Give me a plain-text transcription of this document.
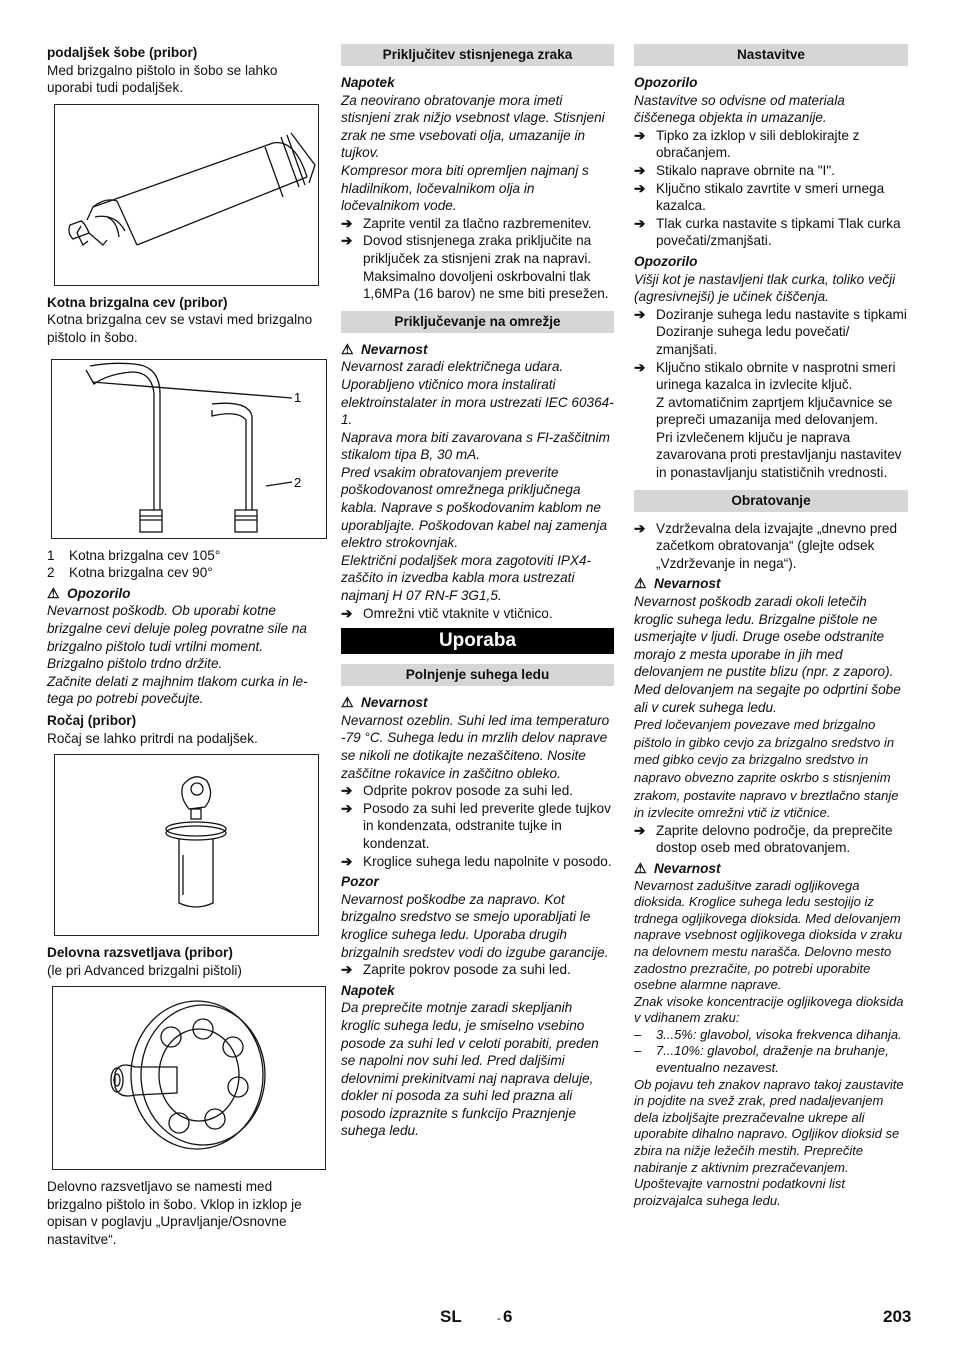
podaljšek šobe (pribor)

Med brizgalno pištolo in šobo se lahko uporabi tudi podaljšek.

Kotna brizgalna cev (pribor)

Kotna brizgalna cev se vstavi med brizgalno pištolo in šobo.

1
2
1 Kotna brizgalna cev 105°
2 Kotna brizgalna cev 90°
⚠ Opozorilo

Nevarnost poškodb. Ob uporabi kotne brizgalne cevi deluje poleg povratne sile na brizgalno pištolo tudi vrtilni moment. Brizgalno pištolo trdno držite.

Začnite delati z majhnim tlakom curka in le-tega po potrebi povečujte.

Ročaj (pribor)

Ročaj se lahko pritrdi na podaljšek.

Delovna razsvetljava (pribor)

(le pri Advanced brizgalni pištoli)

Delovno razsvetljavo se namesti med brizgalno pištolo in šobo. Vklop in izklop je opisan v poglavju „Upravljanje/Osnovne nastavitve“.

Priključitev stisnjenega zraka

Napotek

Za neovirano obratovanje mora imeti stisnjeni zrak nižjo vsebnost vlage. Stisnjeni zrak ne sme vsebovati olja, umazanije in tujkov.

Kompresor mora biti opremljen najmanj s hladilnikom, ločevalnikom olja in ločevalnikom vode.

➔ Zaprite ventil za tlačno razbremenitev.
➔ Dovod stisnjenega zraka priključite na priključek za stisnjeni zrak na napravi. Maksimalno dovoljeni oskrbovalni tlak 1,6MPa (16 barov) ne sme biti presežen.
Priključevanje na omrežje
⚠ Nevarnost

Nevarnost zaradi električnega udara. Uporabljeno vtičnico mora instalirati elektroinstalater in mora ustrezati IEC 60364-1.

Naprava mora biti zavarovana s FI-zaščitnim stikalom tipa B, 30 mA.

Pred vsakim obratovanjem preverite poškodovanost omrežnega priključnega kabla. Naprave s poškodovanim kablom ne uporabljajte. Poškodovan kabel naj zamenja elektro strokovnjak.

Električni podaljšek mora zagotoviti IPX4-zaščito in izvedba kabla mora ustrezati najmanj H 07 RN-F 3G1,5.

➔ Omrežni vtič vtaknite v vtičnico.
Uporaba
Polnjenje suhega ledu
⚠ Nevarnost

Nevarnost ozeblin. Suhi led ima temperaturo -79 °C. Suhega ledu in mrzlih delov naprave se nikoli ne dotikajte nezaščiteno. Nosite zaščitne rokavice in zaščitno obleko.

➔ Odprite pokrov posode za suhi led.
➔ Posodo za suhi led preverite glede tujkov in kondenzata, odstranite tujke in kondenzat.
➔ Kroglice suhega ledu napolnite v posodo.

Pozor

Nevarnost poškodbe za napravo. Kot brizgalno sredstvo se smejo uporabljati le kroglice suhega ledu. Uporaba drugih brizgalnih sredstev vodi do izgube garancije.

➔ Zaprite pokrov posode za suhi led.

Napotek

Da preprečite motnje zaradi skepljanih kroglic suhega ledu, je smiselno vsebino posode za suhi led v celoti porabiti, preden se napolni nov suhi led. Pred daljšimi delovnimi prekinitvami naj naprava deluje, dokler ni posoda za suhi led prazna ali posodo izpraznite s funkcijo Praznjenje suhega ledu.

Nastavitve

Opozorilo

Nastavitve so odvisne od materiala čiščenega objekta in umazanije.

➔ Tipko za izklop v sili deblokirajte z obračanjem.
➔ Stikalo naprave obrnite na "I".
➔ Ključno stikalo zavrtite v smeri urnega kazalca.
➔ Tlak curka nastavite s tipkami Tlak curka povečati/zmanjšati.

Opozorilo

Višji kot je nastavljeni tlak curka, toliko večji (agresivnejši) je učinek čiščenja.

➔ Doziranje suhega ledu nastavite s tipkami Doziranje suhega ledu povečati/ zmanjšati.
➔ Ključno stikalo obrnite v nasprotni smeri urinega kazalca in izvlecite ključ.

Z avtomatičnim zaprtjem ključavnice se prepreči umazanija med delovanjem.

Pri izvlečenem ključu je naprava zavarovana proti prestavljanju nastavitev in ponastavljanju statističnih vrednosti.

Obratovanje
➔ Vzdrževalna dela izvajajte „dnevno pred začetkom obratovanja“ (glejte odsek „Vzdrževanje in nega“).
⚠ Nevarnost

Nevarnost poškodb zaradi okoli letečih kroglic suhega ledu. Brizgalne pištole ne usmerjajte v ljudi. Druge osebe odstranite morajo z mesta uporabe in jih med delovanjem ne pustite blizu (npr. z zaporo).

Med delovanjem na segajte po odprtini šobe ali v curek suhega ledu.

Pred ločevanjem povezave med brizgalno pištolo in gibko cevjo za brizgalno sredstvo in med gibko cevjo za brizgalno sredstvo in napravo obvezno zaprite oskrbo s stisnjenim zrakom, postavite napravo v breztlačno stanje in izvlecite omrežni vtič iz vtičnice.

➔ Zaprite delovno področje, da preprečite dostop oseb med obratovanjem.
⚠ Nevarnost

Nevarnost zadušitve zaradi ogljikovega dioksida. Kroglice suhega ledu sestojijo iz trdnega ogljikovega dioksida. Med delovanjem naprave vsebnost ogljikovega dioksida v zraku na delovnem mestu narašča. Delovno mesto zadostno prezračite, po potrebi uporabite osebne alarmne naprave.

Znak visoke koncentracije ogljikovega dioksida v vdihanem zraku:

– 3...5%: glavobol, visoka frekvenca dihanja.
– 7...10%: glavobol, draženje na bruhanje, eventualno nezavest.

Ob pojavu teh znakov napravo takoj zaustavite in pojdite na svež zrak, pred nadaljevanjem dela izboljšajte prezračevalne ukrepe ali uporabite dihalno napravo. Ogljikov dioksid se zbira na nižje ležečih mestih. Preprečite nabiranje z aktivnim prezračevanjem.

Upoštevajte varnostni podatkovni list proizvajalca suhega ledu.

SL	- 6	203
